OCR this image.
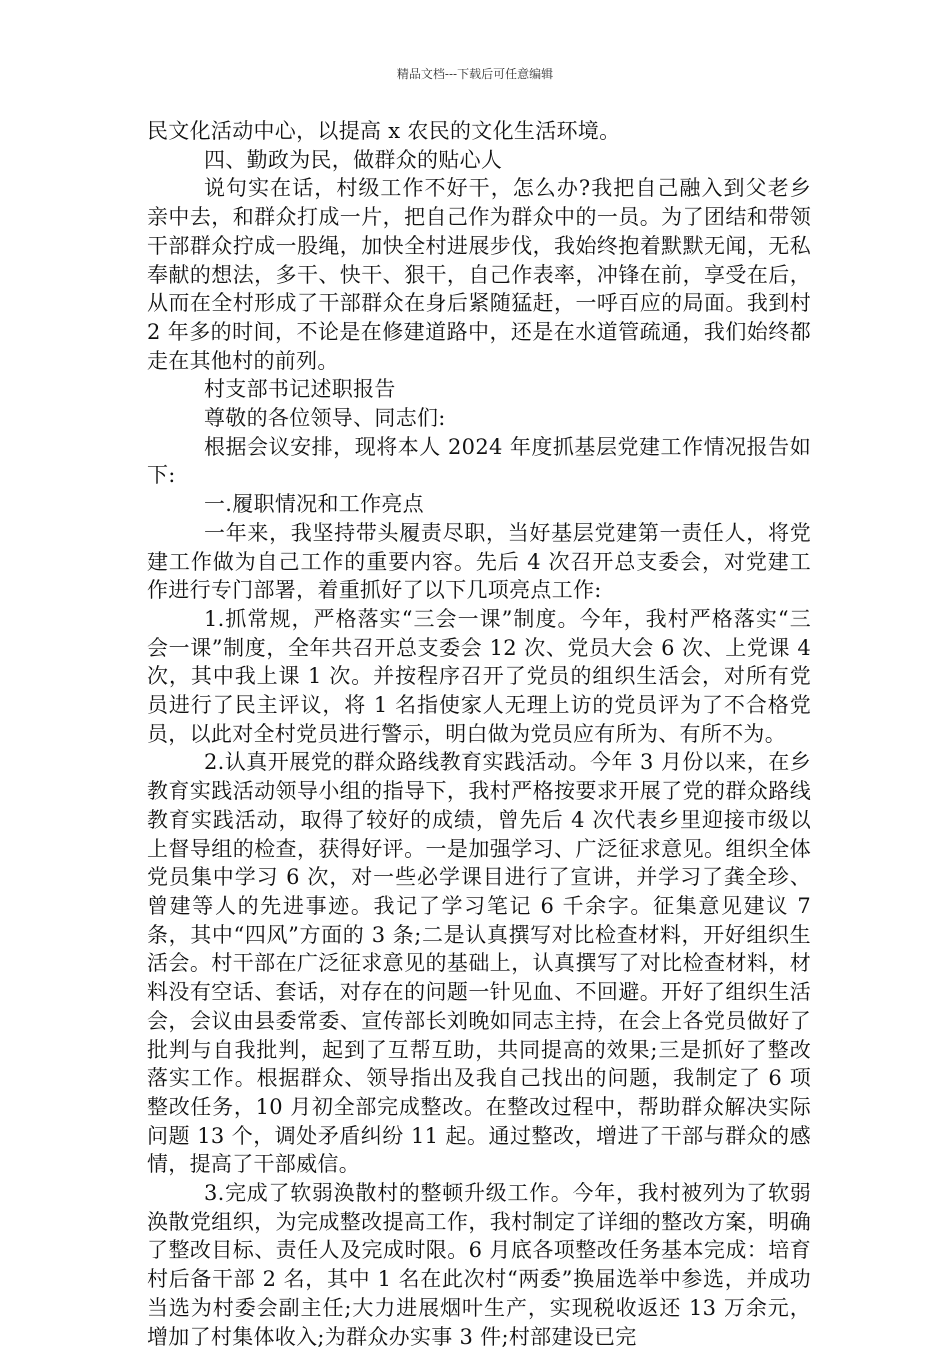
精品文档---下载后可任意编辑

民文化活动中心，以提高 x 农民的文化生活环境。

四、勤政为民，做群众的贴心人

说句实在话，村级工作不好干，怎么办?我把自己融入到父老乡亲中去，和群众打成一片，把自己作为群众中的一员。为了团结和带领干部群众拧成一股绳，加快全村进展步伐，我始终抱着默默无闻，无私奉献的想法，多干、快干、狠干，自己作表率，冲锋在前，享受在后，从而在全村形成了干部群众在身后紧随猛赶，一呼百应的局面。我到村 2 年多的时间，不论是在修建道路中，还是在水道管疏通，我们始终都走在其他村的前列。

村支部书记述职报告

尊敬的各位领导、同志们:

根据会议安排，现将本人 2024 年度抓基层党建工作情况报告如下:

一.履职情况和工作亮点

一年来，我坚持带头履责尽职，当好基层党建第一责任人，将党建工作做为自己工作的重要内容。先后 4 次召开总支委会，对党建工作进行专门部署，着重抓好了以下几项亮点工作:

1.抓常规，严格落实“三会一课”制度。今年，我村严格落实“三会一课”制度，全年共召开总支委会 12 次、党员大会 6 次、上党课 4 次，其中我上课 1 次。并按程序召开了党员的组织生活会，对所有党员进行了民主评议，将 1 名指使家人无理上访的党员评为了不合格党员，以此对全村党员进行警示，明白做为党员应有所为、有所不为。

2.认真开展党的群众路线教育实践活动。今年 3 月份以来，在乡教育实践活动领导小组的指导下，我村严格按要求开展了党的群众路线教育实践活动，取得了较好的成绩，曾先后 4 次代表乡里迎接市级以上督导组的检查，获得好评。一是加强学习、广泛征求意见。组织全体党员集中学习 6 次，对一些必学课目进行了宣讲，并学习了龚全珍、曾建等人的先进事迹。我记了学习笔记 6 千余字。征集意见建议 7 条，其中“四风”方面的 3 条;二是认真撰写对比检查材料，开好组织生活会。村干部在广泛征求意见的基础上，认真撰写了对比检查材料，材料没有空话、套话，对存在的问题一针见血、不回避。开好了组织生活会，会议由县委常委、宣传部长刘晚如同志主持，在会上各党员做好了批判与自我批判，起到了互帮互助，共同提高的效果;三是抓好了整改落实工作。根据群众、领导指出及我自己找出的问题，我制定了 6 项整改任务，10 月初全部完成整改。在整改过程中，帮助群众解决实际问题 13 个，调处矛盾纠纷 11 起。通过整改，增进了干部与群众的感情，提高了干部威信。

3.完成了软弱涣散村的整顿升级工作。今年，我村被列为了软弱涣散党组织，为完成整改提高工作，我村制定了详细的整改方案，明确了整改目标、责任人及完成时限。6 月底各项整改任务基本完成：培育村后备干部 2 名，其中 1 名在此次村“两委”换届选举中参选，并成功当选为村委会副主任;大力进展烟叶生产，实现税收返还 13 万余元，增加了村集体收入;为群众办实事 3 件;村部建设已完
